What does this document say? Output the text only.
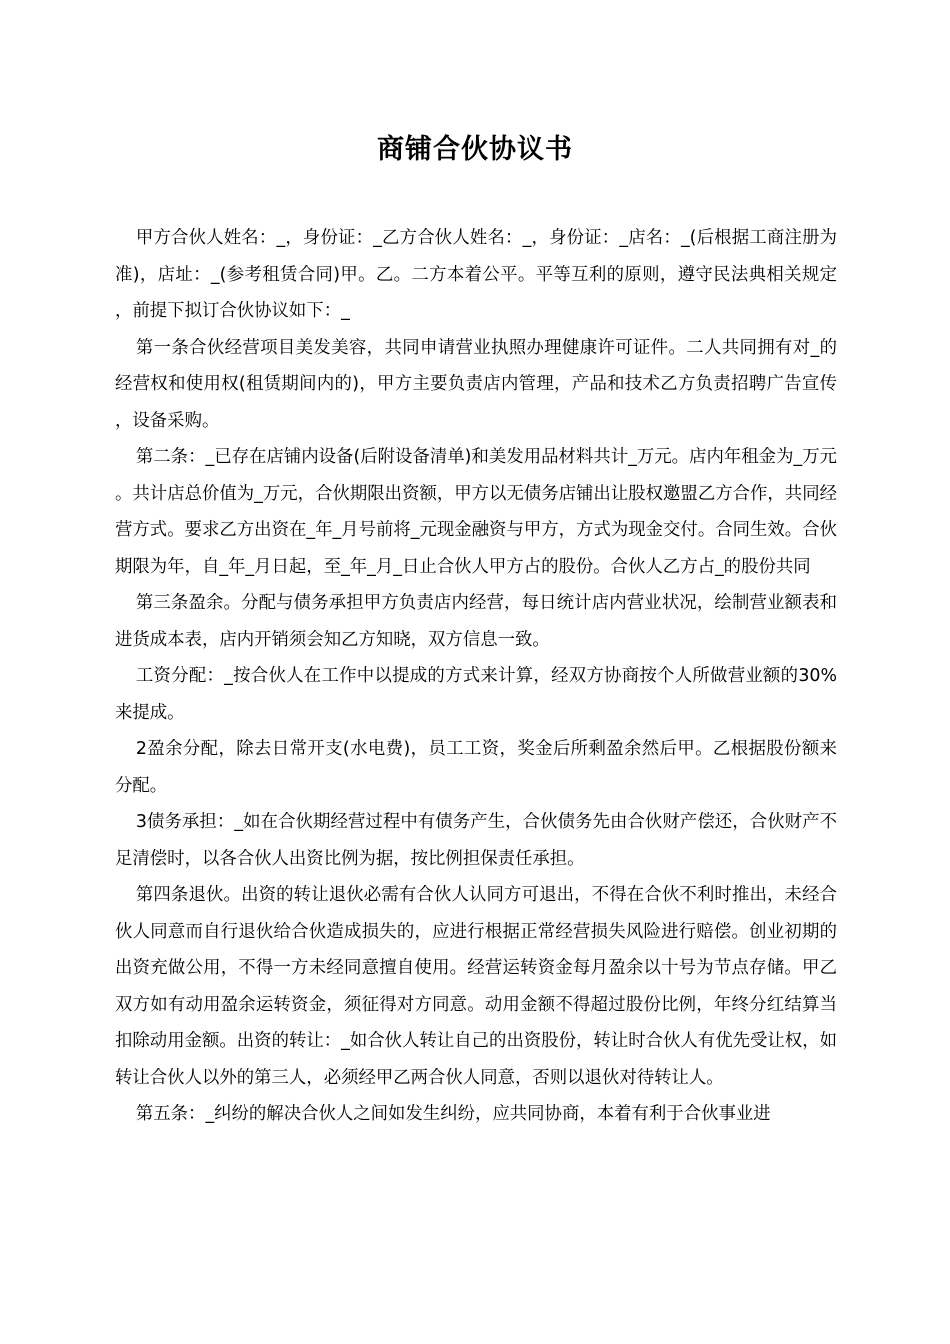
商铺合伙协议书

甲方合伙人姓名：_，身份证：_乙方合伙人姓名：_，身份证：_店名：_(后根据工商注册为准)，店址：_(参考租赁合同)甲。乙。二方本着公平。平等互利的原则，遵守民法典相关规定，前提下拟订合伙协议如下：_

第一条合伙经营项目美发美容，共同申请营业执照办理健康许可证件。二人共同拥有对_的经营权和使用权(租赁期间内的)，甲方主要负责店内管理，产品和技术乙方负责招聘广告宣传，设备采购。

第二条：_已存在店铺内设备(后附设备清单)和美发用品材料共计_万元。店内年租金为_万元。共计店总价值为_万元，合伙期限出资额，甲方以无债务店铺出让股权邀盟乙方合作，共同经营方式。要求乙方出资在_年_月号前将_元现金融资与甲方，方式为现金交付。合同生效。合伙期限为年，自_年_月日起，至_年_月_日止合伙人甲方占的股份。合伙人乙方占_的股份共同

第三条盈余。分配与债务承担甲方负责店内经营，每日统计店内营业状况，绘制营业额表和进货成本表，店内开销须会知乙方知晓，双方信息一致。

工资分配：_按合伙人在工作中以提成的方式来计算，经双方协商按个人所做营业额的30%来提成。

2盈余分配，除去日常开支(水电费)，员工工资，奖金后所剩盈余然后甲。乙根据股份额来分配。

3债务承担：_如在合伙期经营过程中有债务产生，合伙债务先由合伙财产偿还，合伙财产不足清偿时，以各合伙人出资比例为据，按比例担保责任承担。

第四条退伙。出资的转让退伙必需有合伙人认同方可退出，不得在合伙不利时推出，未经合伙人同意而自行退伙给合伙造成损失的，应进行根据正常经营损失风险进行赔偿。创业初期的出资充做公用，不得一方未经同意擅自使用。经营运转资金每月盈余以十号为节点存储。甲乙双方如有动用盈余运转资金，须征得对方同意。动用金额不得超过股份比例，年终分红结算当扣除动用金额。出资的转让：_如合伙人转让自己的出资股份，转让时合伙人有优先受让权，如转让合伙人以外的第三人，必须经甲乙两合伙人同意，否则以退伙对待转让人。

第五条：_纠纷的解决合伙人之间如发生纠纷，应共同协商，本着有利于合伙事业进
